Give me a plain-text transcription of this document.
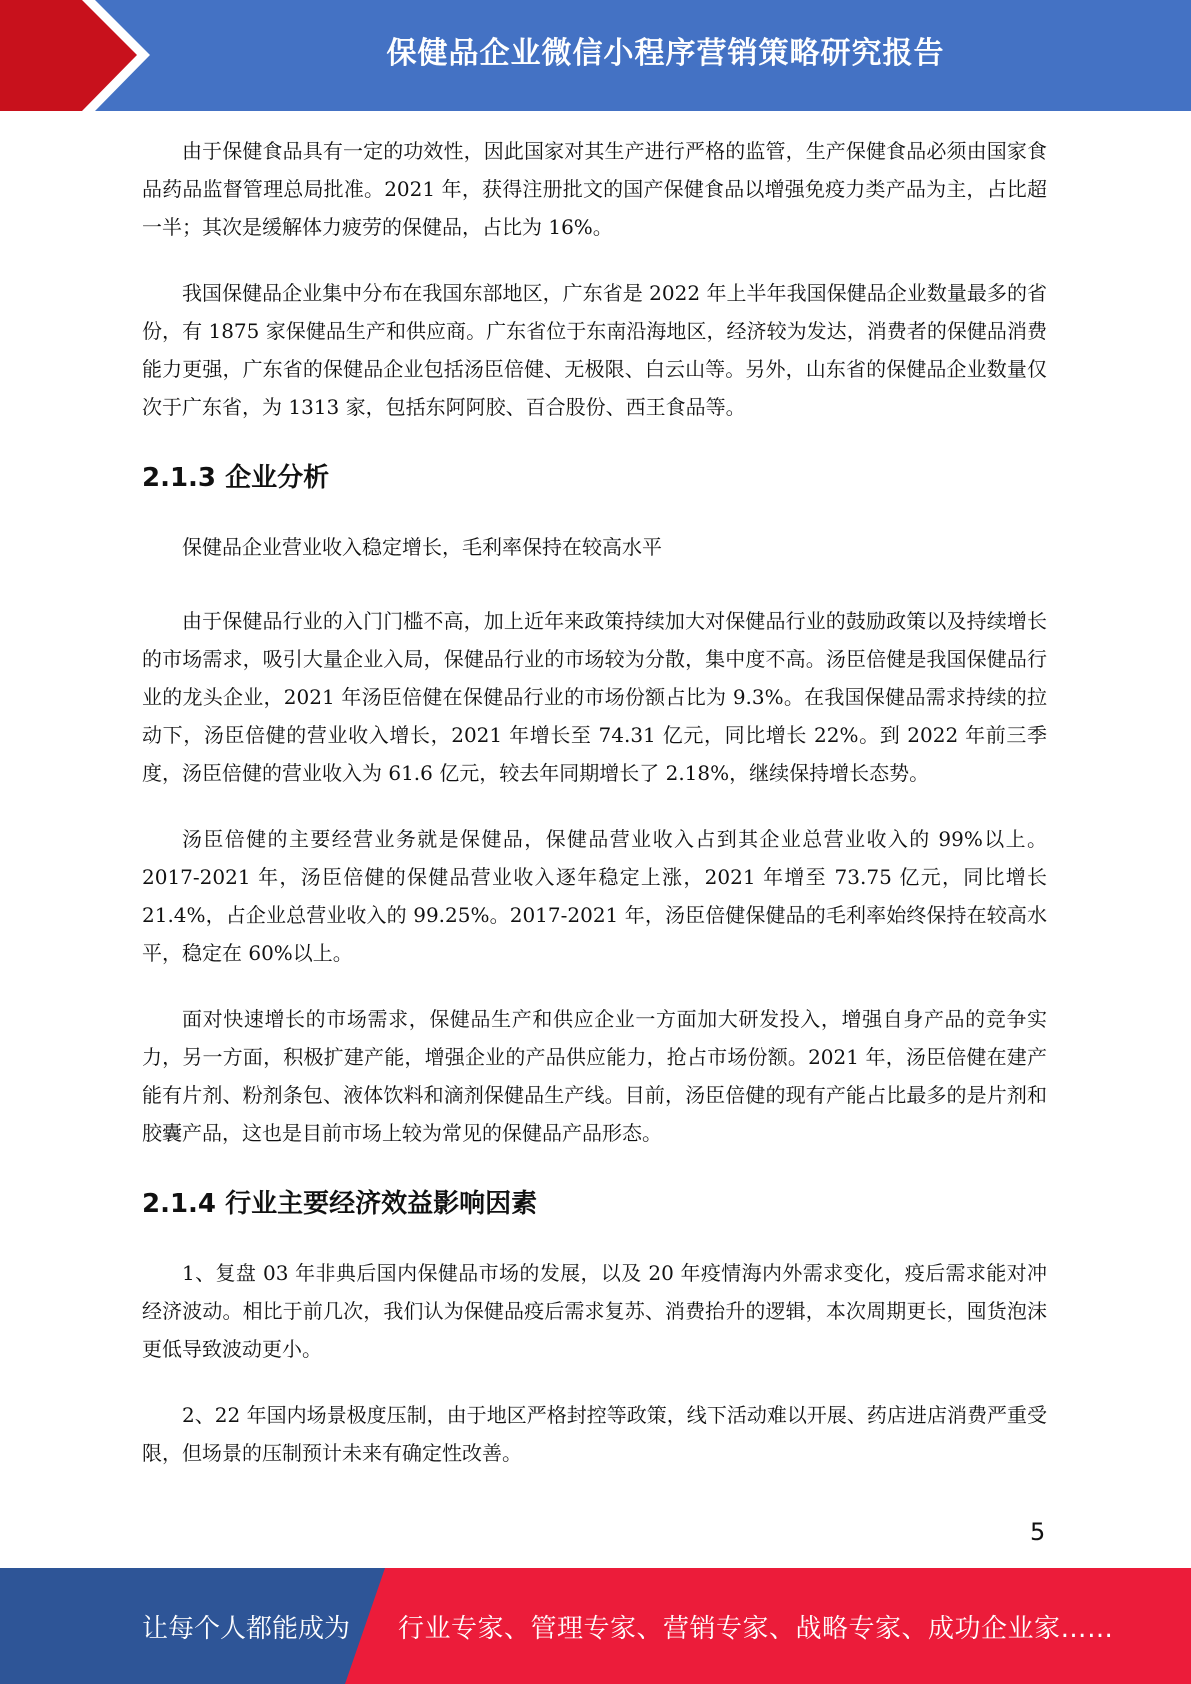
保健品企业微信小程序营销策略研究报告

由于保健食品具有一定的功效性，因此国家对其生产进行严格的监管，生产保健食品必须由国家食品药品监督管理总局批准。2021 年，获得注册批文的国产保健食品以增强免疫力类产品为主，占比超一半；其次是缓解体力疲劳的保健品，占比为 16%。

我国保健品企业集中分布在我国东部地区，广东省是 2022 年上半年我国保健品企业数量最多的省份，有 1875 家保健品生产和供应商。广东省位于东南沿海地区，经济较为发达，消费者的保健品消费能力更强，广东省的保健品企业包括汤臣倍健、无极限、白云山等。另外，山东省的保健品企业数量仅次于广东省，为 1313 家，包括东阿阿胶、百合股份、西王食品等。

2.1.3 企业分析

保健品企业营业收入稳定增长，毛利率保持在较高水平

由于保健品行业的入门门槛不高，加上近年来政策持续加大对保健品行业的鼓励政策以及持续增长的市场需求，吸引大量企业入局，保健品行业的市场较为分散，集中度不高。汤臣倍健是我国保健品行业的龙头企业，2021 年汤臣倍健在保健品行业的市场份额占比为 9.3%。在我国保健品需求持续的拉动下，汤臣倍健的营业收入增长，2021 年增长至 74.31 亿元，同比增长 22%。到 2022 年前三季度，汤臣倍健的营业收入为 61.6 亿元，较去年同期增长了 2.18%，继续保持增长态势。

汤臣倍健的主要经营业务就是保健品，保健品营业收入占到其企业总营业收入的 99%以上。2017-2021 年，汤臣倍健的保健品营业收入逐年稳定上涨，2021 年增至 73.75 亿元，同比增长 21.4%，占企业总营业收入的 99.25%。2017-2021 年，汤臣倍健保健品的毛利率始终保持在较高水平，稳定在 60%以上。

面对快速增长的市场需求，保健品生产和供应企业一方面加大研发投入，增强自身产品的竞争实力，另一方面，积极扩建产能，增强企业的产品供应能力，抢占市场份额。2021 年，汤臣倍健在建产能有片剂、粉剂条包、液体饮料和滴剂保健品生产线。目前，汤臣倍健的现有产能占比最多的是片剂和胶囊产品，这也是目前市场上较为常见的保健品产品形态。

2.1.4 行业主要经济效益影响因素

1、复盘 03 年非典后国内保健品市场的发展，以及 20 年疫情海内外需求变化，疫后需求能对冲经济波动。相比于前几次，我们认为保健品疫后需求复苏、消费抬升的逻辑，本次周期更长，囤货泡沫更低导致波动更小。

2、22 年国内场景极度压制，由于地区严格封控等政策，线下活动难以开展、药店进店消费严重受限，但场景的压制预计未来有确定性改善。

5
让每个人都能成为 行业专家、管理专家、营销专家、战略专家、成功企业家……
